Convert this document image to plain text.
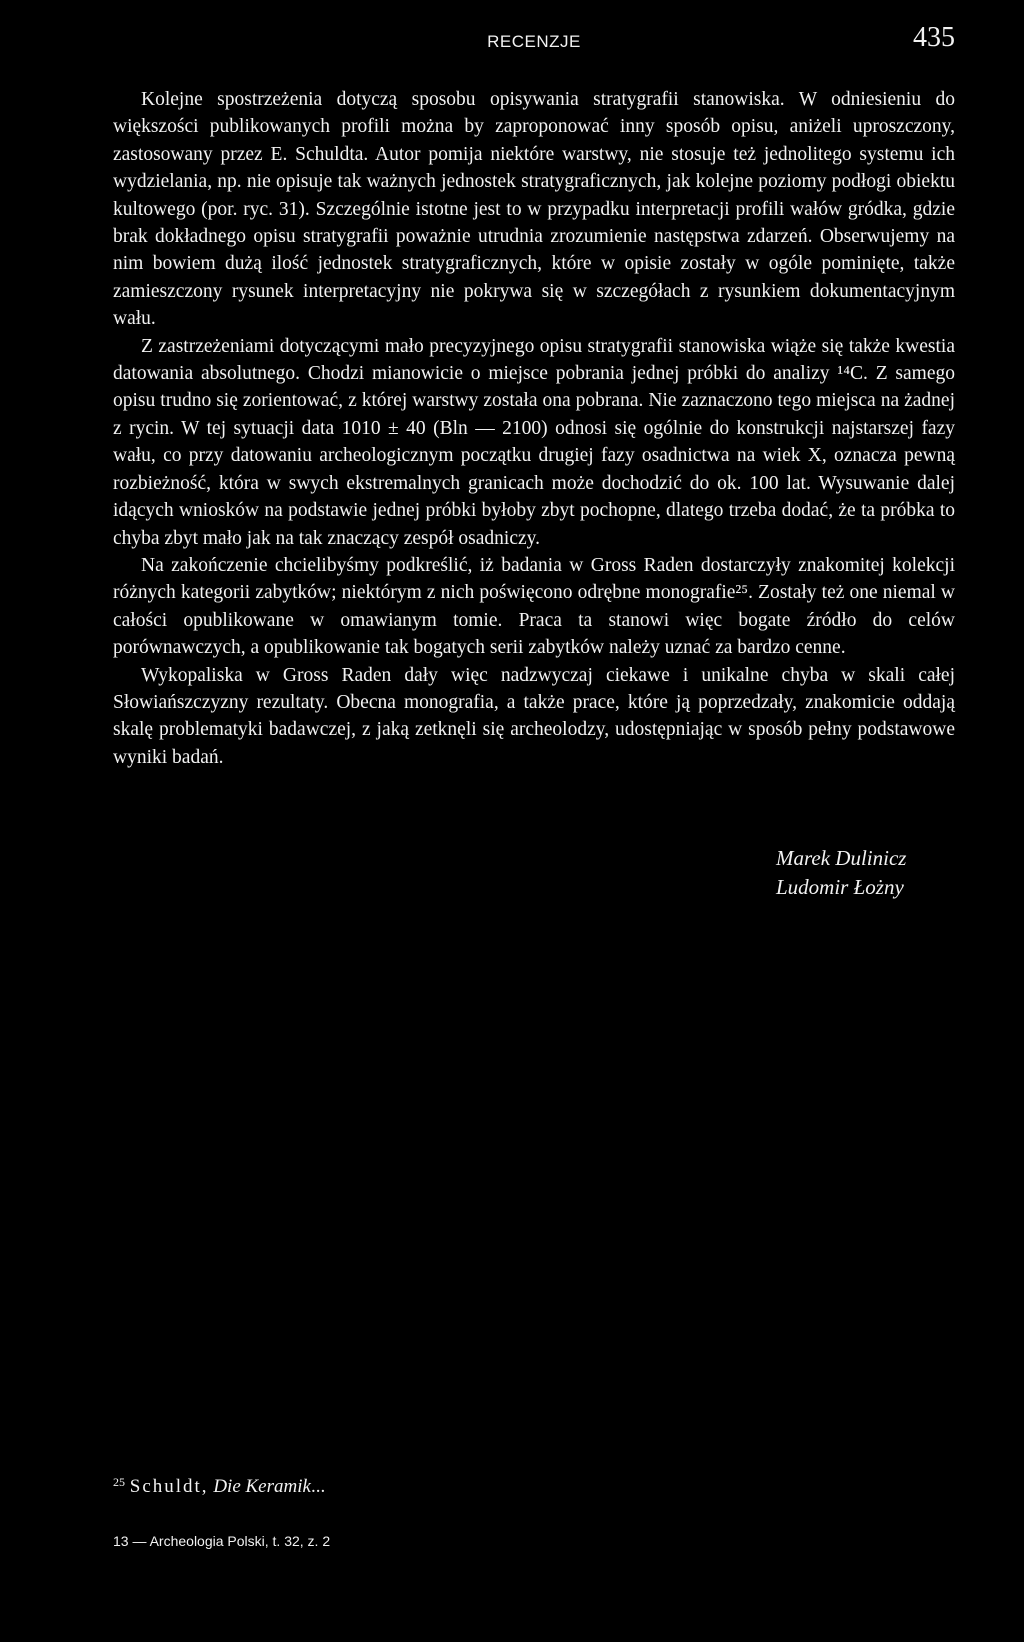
RECENZJE	435

Kolejne spostrzeżenia dotyczą sposobu opisywania stratygrafii stanowiska. W odniesieniu do większości publikowanych profili można by zaproponować inny sposób opisu, aniżeli uproszczony, zastosowany przez E. Schuldta. Autor pomija niektóre warstwy, nie stosuje też jednolitego systemu ich wydzielania, np. nie opisuje tak ważnych jednostek stratygraficznych, jak kolejne poziomy podłogi obiektu kultowego (por. ryc. 31). Szczególnie istotne jest to w przypadku interpretacji profili wałów gródka, gdzie brak dokładnego opisu stratygrafii poważnie utrudnia zrozumienie następstwa zdarzeń. Obserwujemy na nim bowiem dużą ilość jednostek stratygraficznych, które w opisie zostały w ogóle pominięte, także zamieszczony rysunek interpretacyjny nie pokrywa się w szczegółach z rysunkiem dokumentacyjnym wału.

Z zastrzeżeniami dotyczącymi mało precyzyjnego opisu stratygrafii stanowiska wiąże się także kwestia datowania absolutnego. Chodzi mianowicie o miejsce pobrania jednej próbki do analizy ¹⁴C. Z samego opisu trudno się zorientować, z której warstwy została ona pobrana. Nie zaznaczono tego miejsca na żadnej z rycin. W tej sytuacji data 1010 ± 40 (Bln — 2100) odnosi się ogólnie do konstrukcji najstarszej fazy wału, co przy datowaniu archeologicznym początku drugiej fazy osadnictwa na wiek X, oznacza pewną rozbieżność, która w swych ekstremalnych granicach może dochodzić do ok. 100 lat. Wysuwanie dalej idących wniosków na podstawie jednej próbki byłoby zbyt pochopne, dlatego trzeba dodać, że ta próbka to chyba zbyt mało jak na tak znaczący zespół osadniczy.

Na zakończenie chcielibyśmy podkreślić, iż badania w Gross Raden dostarczyły znakomitej kolekcji różnych kategorii zabytków; niektórym z nich poświęcono odrębne monografie²⁵. Zostały też one niemal w całości opublikowane w omawianym tomie. Praca ta stanowi więc bogate źródło do celów porównawczych, a opublikowanie tak bogatych serii zabytków należy uznać za bardzo cenne.

Wykopaliska w Gross Raden dały więc nadzwyczaj ciekawe i unikalne chyba w skali całej Słowiańszczyzny rezultaty. Obecna monografia, a także prace, które ją poprzedzały, znakomicie oddają skalę problematyki badawczej, z jaką zetknęli się archeolodzy, udostępniając w sposób pełny podstawowe wyniki badań.

Marek Dulinicz
Ludomir Łożny
$^{25}$ Schuldt, Die Keramik...
13 — Archeologia Polski, t. 32, z. 2
